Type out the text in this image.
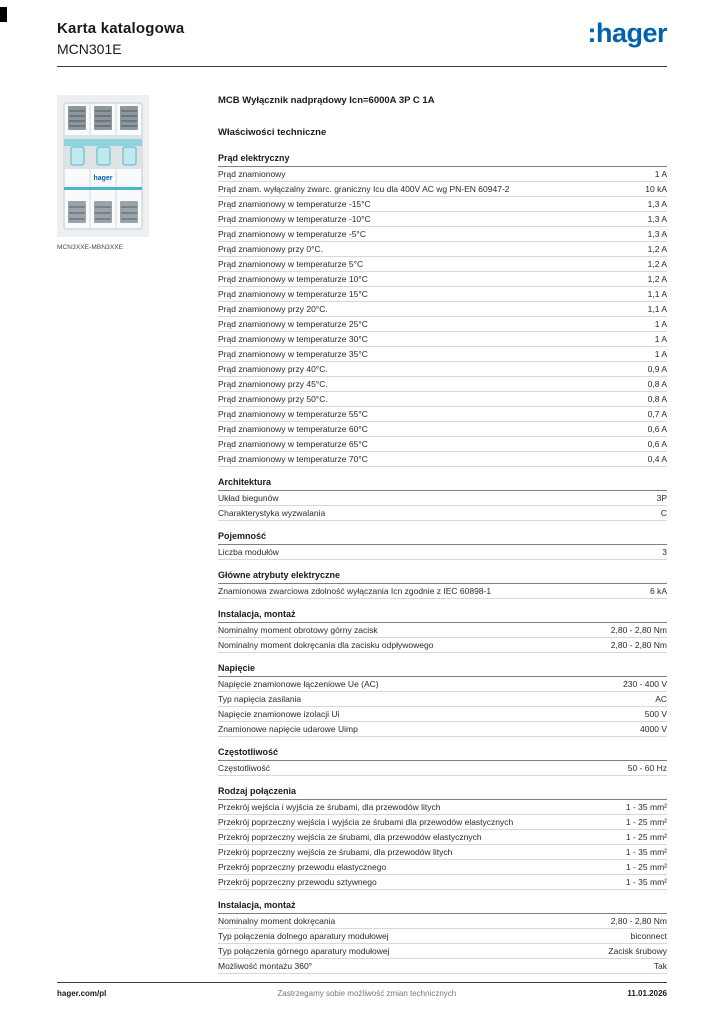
Karta katalogowa
MCN301E
:hager
hager
MCN3XXE-MBN3XXE
MCB Wyłącznik nadprądowy Icn=6000A 3P C 1A
Właściwości techniczne
Prąd elektryczny
Prąd znamionowy	1 A
Prąd znam. wyłączalny zwarc. graniczny Icu dla 400V AC wg PN-EN 60947-2	10 kA
Prąd znamionowy w temperaturze -15°C	1,3 A
Prąd znamionowy w temperaturze -10°C	1,3 A
Prąd znamionowy w temperaturze -5°C	1,3 A
Prąd znamionowy przy 0°C.	1,2 A
Prąd znamionowy w temperaturze 5°C	1,2 A
Prąd znamionowy w temperaturze 10°C	1,2 A
Prąd znamionowy w temperaturze 15°C	1,1 A
Prąd znamionowy przy 20°C.	1,1 A
Prąd znamionowy w temperaturze 25°C	1 A
Prąd znamionowy w temperaturze 30°C	1 A
Prąd znamionowy w temperaturze 35°C	1 A
Prąd znamionowy przy 40°C.	0,9 A
Prąd znamionowy przy 45°C.	0,8 A
Prąd znamionowy przy 50°C.	0,8 A
Prąd znamionowy w temperaturze 55°C	0,7 A
Prąd znamionowy w temperaturze 60°C	0,6 A
Prąd znamionowy w temperaturze 65°C	0,6 A
Prąd znamionowy w temperaturze 70°C	0,4 A
Architektura
Układ biegunów	3P
Charakterystyka wyzwalania	C
Pojemność
Liczba modułów	3
Główne atrybuty elektryczne
Znamionowa zwarciowa zdolność wyłączania Icn zgodnie z IEC 60898-1	6 kA
Instalacja, montaż
Nominalny moment obrotowy górny zacisk	2,80 - 2,80 Nm
Nominalny moment dokręcania dla zacisku odpływowego	2,80 - 2,80 Nm
Napięcie
Napięcie znamionowe łączeniowe Ue (AC)	230 - 400 V
Typ napięcia zasilania	AC
Napięcie znamionowe izolacji Ui	500 V
Znamionowe napięcie udarowe Uimp	4000 V
Częstotliwość
Częstotliwość	50 - 60 Hz
Rodzaj połączenia
Przekrój wejścia i wyjścia ze śrubami, dla przewodów litych	1 - 35 mm²
Przekrój poprzeczny wejścia i wyjścia ze śrubami dla przewodów elastycznych	1 - 25 mm²
Przekrój poprzeczny wejścia ze śrubami, dla przewodów elastycznych	1 - 25 mm²
Przekrój poprzeczny wejścia ze śrubami, dla przewodów litych	1 - 35 mm²
Przekrój poprzeczny przewodu elastycznego	1 - 25 mm²
Przekrój poprzeczny przewodu sztywnego	1 - 35 mm²
Instalacja, montaż
Nominalny moment dokręcania	2,80 - 2,80 Nm
Typ połączenia dolnego aparatury modułowej	biconnect
Typ połączenia górnego aparatury modułowej	Zacisk śrubowy
Możliwość montażu 360°	Tak
hager.com/pl	Zastrzegamy sobie możliwość zmian technicznych	11.01.2026
